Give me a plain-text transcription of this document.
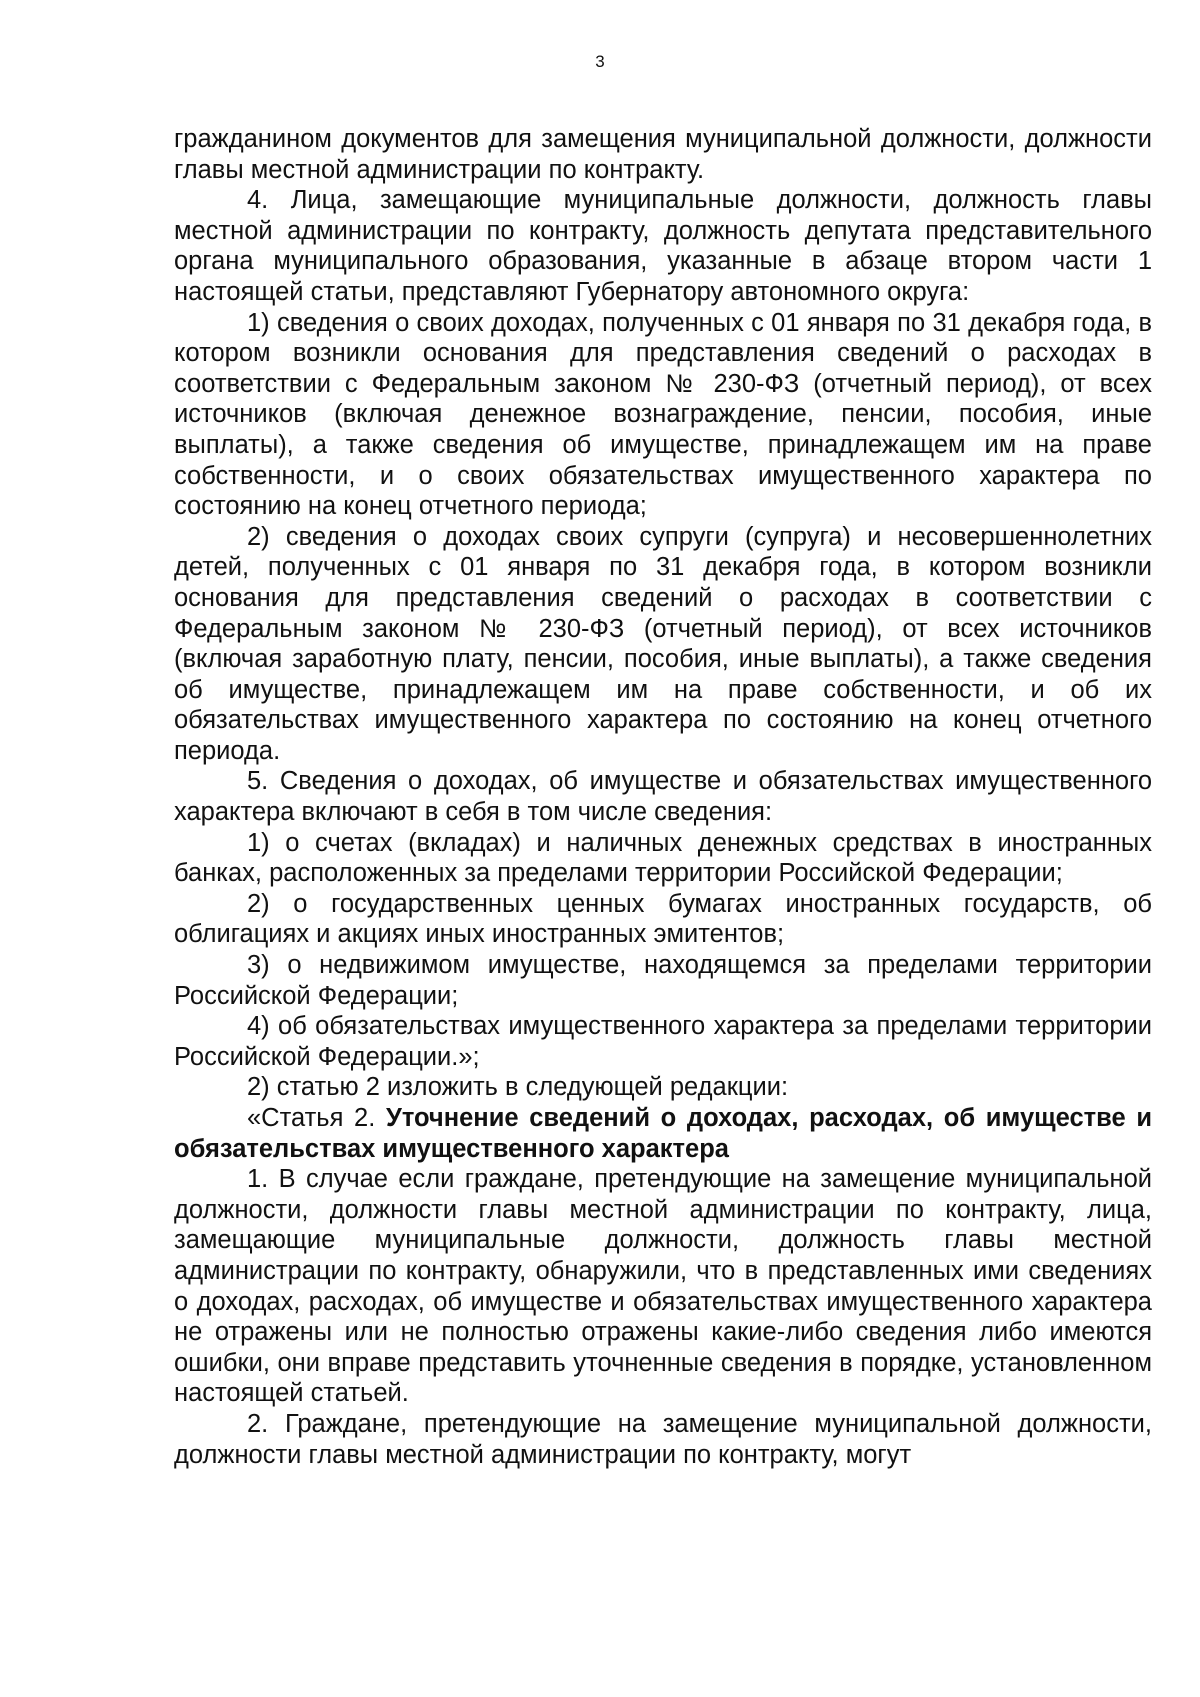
3

гражданином документов для замещения муниципальной должности, должности главы местной администрации по контракту.

4. Лица, замещающие муниципальные должности, должность главы местной администрации по контракту, должность депутата представительного органа муниципального образования, указанные в абзаце втором части 1 настоящей статьи, представляют Губернатору автономного округа:

1) сведения о своих доходах, полученных с 01 января по 31 декабря года, в котором возникли основания для представления сведений о расходах в соответствии с Федеральным законом № 230-ФЗ (отчетный период), от всех источников (включая денежное вознаграждение, пенсии, пособия, иные выплаты), а также сведения об имуществе, принадлежащем им на праве собственности, и о своих обязательствах имущественного характера по состоянию на конец отчетного периода;

2) сведения о доходах своих супруги (супруга) и несовершеннолетних детей, полученных с 01 января по 31 декабря года, в котором возникли основания для представления сведений о расходах в соответствии с Федеральным законом № 230-ФЗ (отчетный период), от всех источников (включая заработную плату, пенсии, пособия, иные выплаты), а также сведения об имуществе, принадлежащем им на праве собственности, и об их обязательствах имущественного характера по состоянию на конец отчетного периода.

5. Сведения о доходах, об имуществе и обязательствах имущественного характера включают в себя в том числе сведения:

1) о счетах (вкладах) и наличных денежных средствах в иностранных банках, расположенных за пределами территории Российской Федерации;

2) о государственных ценных бумагах иностранных государств, об облигациях и акциях иных иностранных эмитентов;

3) о недвижимом имуществе, находящемся за пределами территории Российской Федерации;

4) об обязательствах имущественного характера за пределами территории Российской Федерации.»;

2) статью 2 изложить в следующей редакции:

«Статья 2. Уточнение сведений о доходах, расходах, об имуществе и обязательствах имущественного характера

1. В случае если граждане, претендующие на замещение муниципальной должности, должности главы местной администрации по контракту, лица, замещающие муниципальные должности, должность главы местной администрации по контракту, обнаружили, что в представленных ими сведениях о доходах, расходах, об имуществе и обязательствах имущественного характера не отражены или не полностью отражены какие-либо сведения либо имеются ошибки, они вправе представить уточненные сведения в порядке, установленном настоящей статьей.

2. Граждане, претендующие на замещение муниципальной должности, должности главы местной администрации по контракту, могут
